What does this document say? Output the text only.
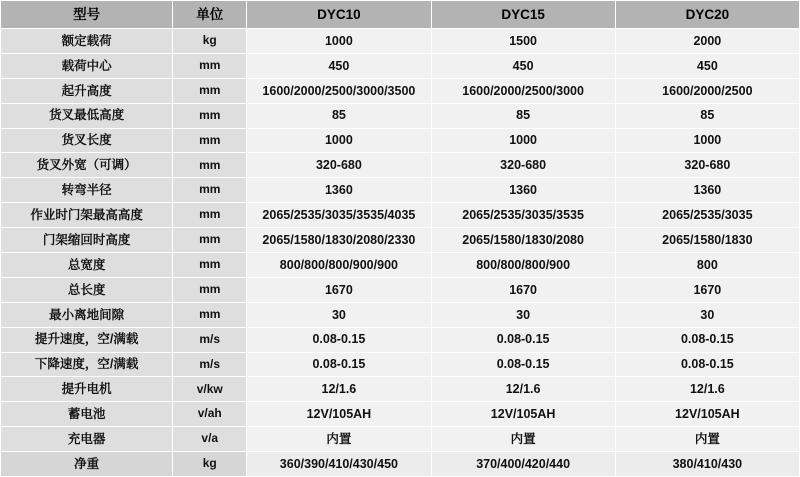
型号	单位	DYC10	DYC15	DYC20
额定载荷	kg	1000	1500	2000
载荷中心	mm	450	450	450
起升高度	mm	1600/2000/2500/3000/3500	1600/2000/2500/3000	1600/2000/2500
货叉最低高度	mm	85	85	85
货叉长度	mm	1000	1000	1000
货叉外宽（可调）	mm	320-680	320-680	320-680
转弯半径	mm	1360	1360	1360
作业时门架最高高度	mm	2065/2535/3035/3535/4035	2065/2535/3035/3535	2065/2535/3035
门架缩回时高度	mm	2065/1580/1830/2080/2330	2065/1580/1830/2080	2065/1580/1830
总宽度	mm	800/800/800/900/900	800/800/800/900	800
总长度	mm	1670	1670	1670
最小离地间隙	mm	30	30	30
提升速度，空/满载	m/s	0.08-0.15	0.08-0.15	0.08-0.15
下降速度，空/满载	m/s	0.08-0.15	0.08-0.15	0.08-0.15
提升电机	v/kw	12/1.6	12/1.6	12/1.6
蓄电池	v/ah	12V/105AH	12V/105AH	12V/105AH
充电器	v/a	内置	内置	内置
净重	kg	360/390/410/430/450	370/400/420/440	380/410/430
